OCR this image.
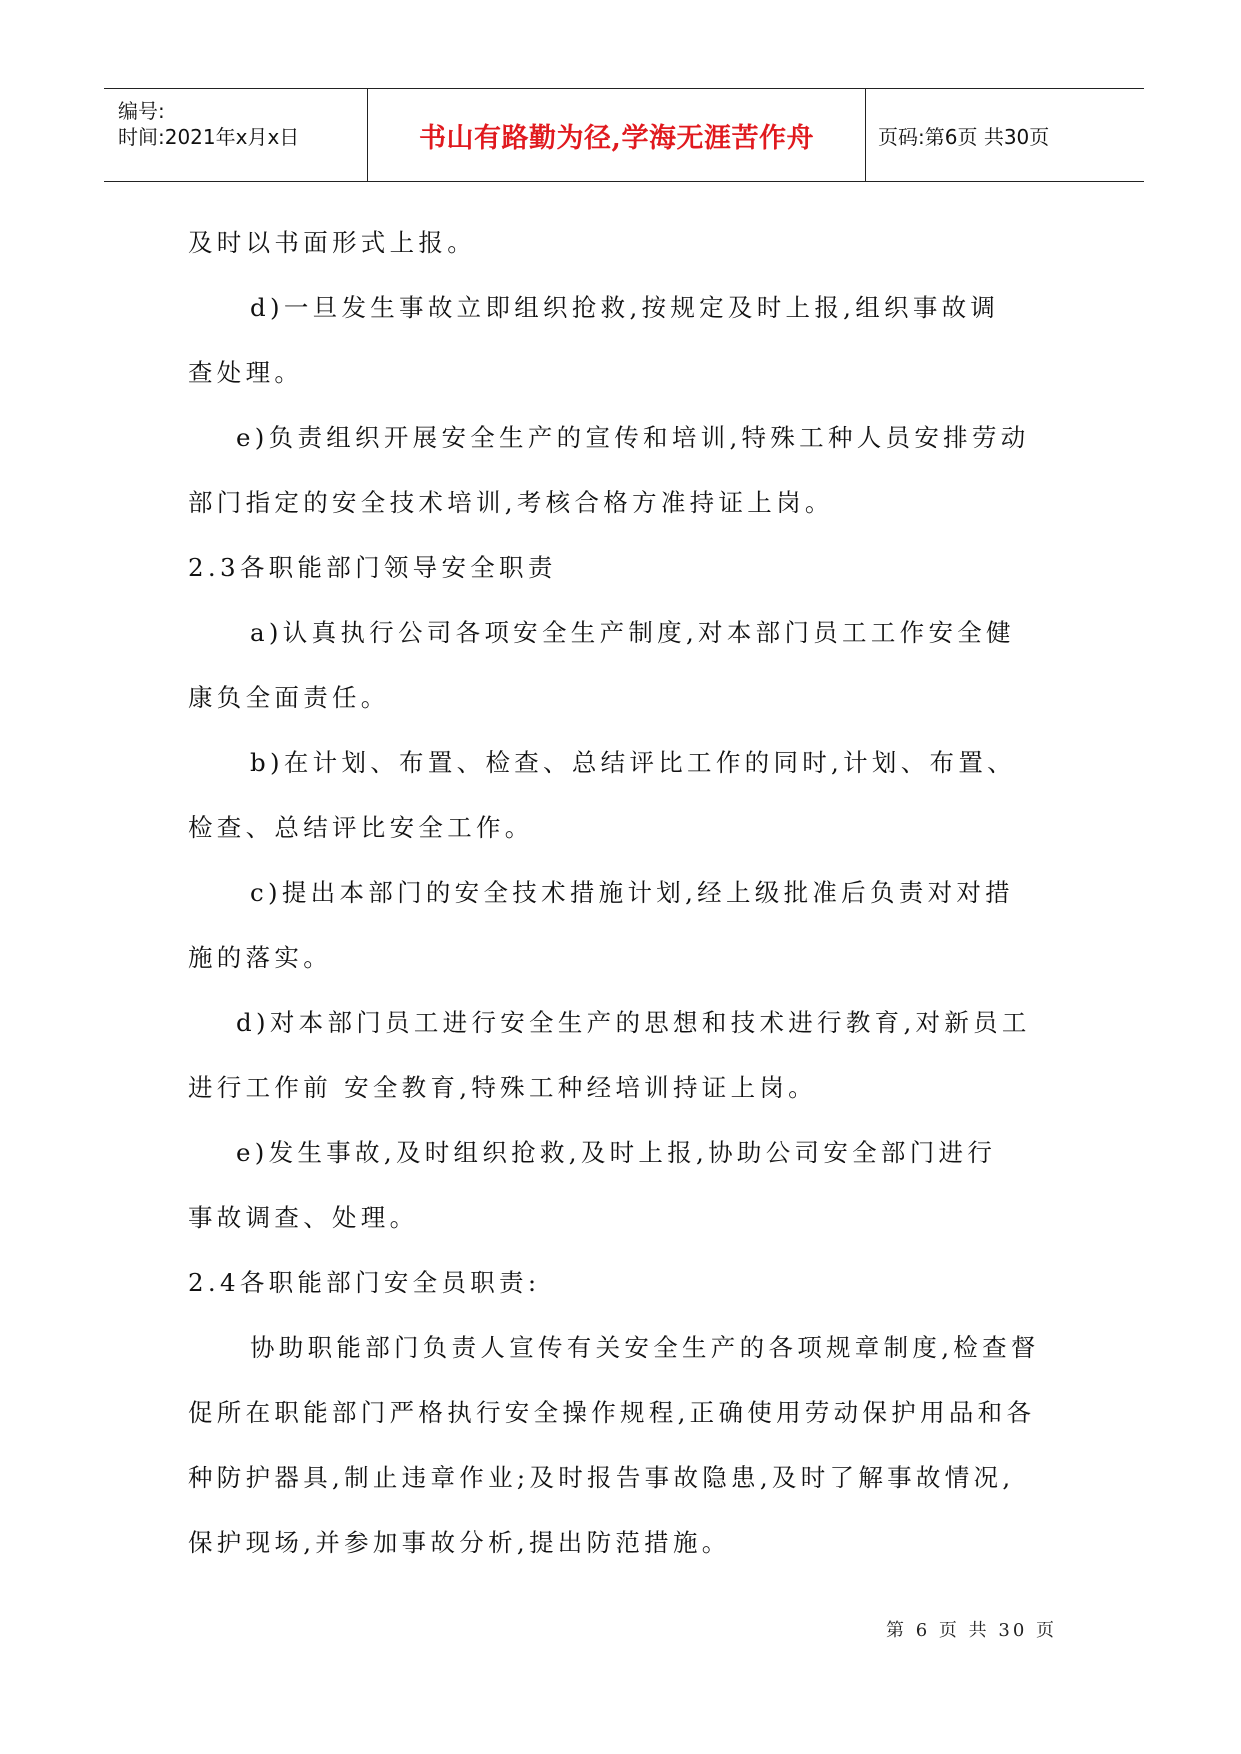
编号:
时间:2021年x月x日	书山有路勤为径,学海无涯苦作舟	页码:第6页 共30页
及时以书面形式上报。
d)一旦发生事故立即组织抢救,按规定及时上报,组织事故调
查处理。
e)负责组织开展安全生产的宣传和培训,特殊工种人员安排劳动
部门指定的安全技术培训,考核合格方准持证上岗。
2.3各职能部门领导安全职责
a)认真执行公司各项安全生产制度,对本部门员工工作安全健
康负全面责任。
b)在计划、布置、检查、总结评比工作的同时,计划、布置、
检查、总结评比安全工作。
c)提出本部门的安全技术措施计划,经上级批准后负责对对措
施的落实。
d)对本部门员工进行安全生产的思想和技术进行教育,对新员工
进行工作前 安全教育,特殊工种经培训持证上岗。
e)发生事故,及时组织抢救,及时上报,协助公司安全部门进行
事故调查、处理。
2.4各职能部门安全员职责:
协助职能部门负责人宣传有关安全生产的各项规章制度,检查督
促所在职能部门严格执行安全操作规程,正确使用劳动保护用品和各
种防护器具,制止违章作业;及时报告事故隐患,及时了解事故情况,
保护现场,并参加事故分析,提出防范措施。
第 6 页 共 30 页
